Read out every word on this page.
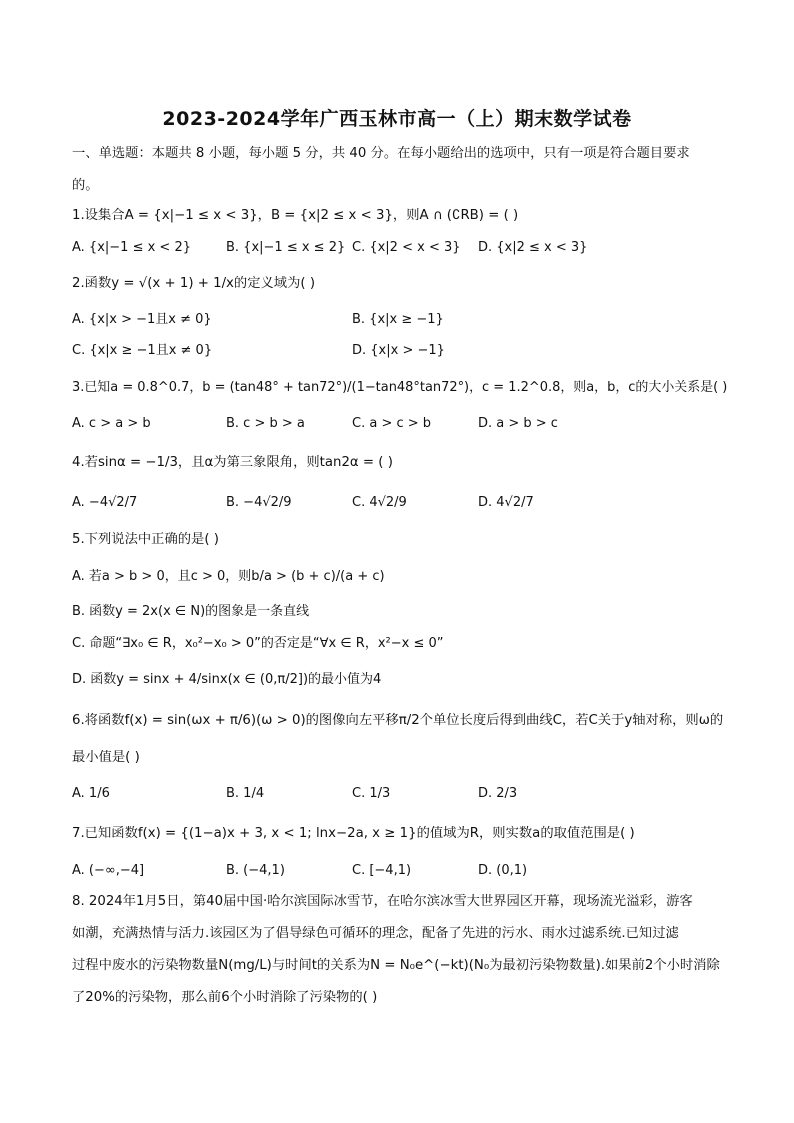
2023-2024学年广西玉林市高一（上）期末数学试卷
一、单选题：本题共 8 小题，每小题 5 分，共 40 分。在每小题给出的选项中，只有一项是符合题目要求
的。
1.设集合A = {x|−1 ≤ x < 3}，B = {x|2 ≤ x < 3}，则A ∩ (∁RB) = ( )
A. {x|−1 ≤ x < 2}	B. {x|−1 ≤ x ≤ 2} C. {x|2 < x < 3} D. {x|2 ≤ x < 3}
2.函数y = √(x + 1) + 1/x的定义域为( )
A. {x|x > −1且x ≠ 0}	B. {x|x ≥ −1}
C. {x|x ≥ −1且x ≠ 0}	D. {x|x > −1}
3.已知a = 0.8^0.7，b = (tan48° + tan72°)/(1−tan48°tan72°)，c = 1.2^0.8，则a，b，c的大小关系是( )
A. c > a > b	B. c > b > a	C. a > c > b	D. a > b > c
4.若sinα = −1/3，且α为第三象限角，则tan2α = ( )
A. −4√2/7	B. −4√2/9	C. 4√2/9	D. 4√2/7
5.下列说法中正确的是( )
A. 若a > b > 0，且c > 0，则b/a > (b + c)/(a + c)
B. 函数y = 2x(x ∈ N)的图象是一条直线
C. 命题“∃x₀ ∈ R，x₀²−x₀ > 0”的否定是“∀x ∈ R，x²−x ≤ 0”
D. 函数y = sinx + 4/sinx(x ∈ (0,π/2])的最小值为4
6.将函数f(x) = sin(ωx + π/6)(ω > 0)的图像向左平移π/2个单位长度后得到曲线C，若C关于y轴对称，则ω的
最小值是( )
A. 1/6	B. 1/4	C. 1/3	D. 2/3
7.已知函数f(x) = {(1−a)x + 3, x < 1; lnx−2a, x ≥ 1}的值域为R，则实数a的取值范围是( )
A. (−∞,−4]	B. (−4,1)	C. [−4,1)	D. (0,1)
8. 2024年1月5日，第40届中国·哈尔滨国际冰雪节，在哈尔滨冰雪大世界园区开幕，现场流光溢彩，游客
如潮，充满热情与活力.该园区为了倡导绿色可循环的理念，配备了先进的污水、雨水过滤系统.已知过滤
过程中废水的污染物数量N(mg/L)与时间t的关系为N = N₀e^(−kt)(N₀为最初污染物数量).如果前2个小时消除
了20%的污染物，那么前6个小时消除了污染物的( )
